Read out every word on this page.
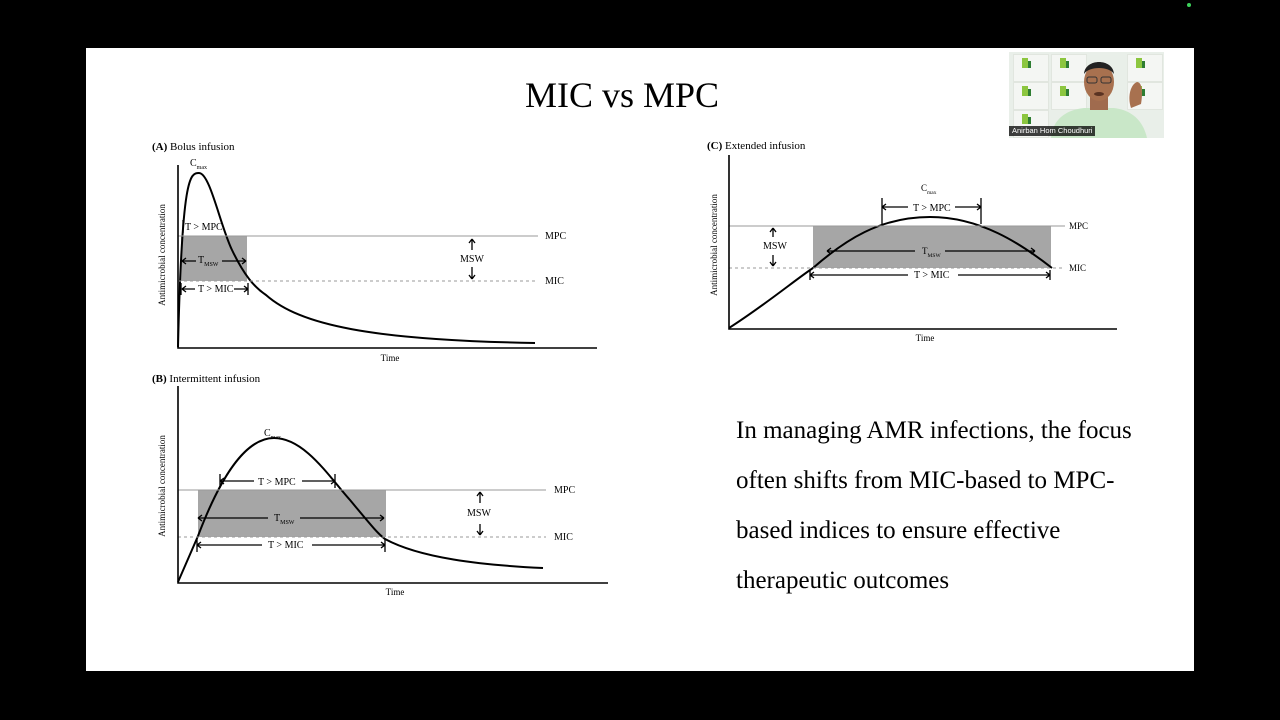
MIC vs MPC
(A) Bolus infusion
Antimicrobial concentration
$C_{max}$
T > MPC
$T_{MSW}$
T > MIC
MSW
MPC
MIC
Time
(B) Intermittent infusion
Antimicrobial concentration
$C_{max}$
T > MPC
$T_{MSW}$
T > MIC
MSW
MPC
MIC
Time
(C) Extended infusion
Antimicrobial concentration
$C_{max}$
T > MPC
$T_{MSW}$
T > MIC
MSW
MPC
MIC
Time
In managing AMR infections, the focus often shifts from MIC-based to MPC-based indices to ensure effective therapeutic outcomes
Anirban Hom Choudhuri
